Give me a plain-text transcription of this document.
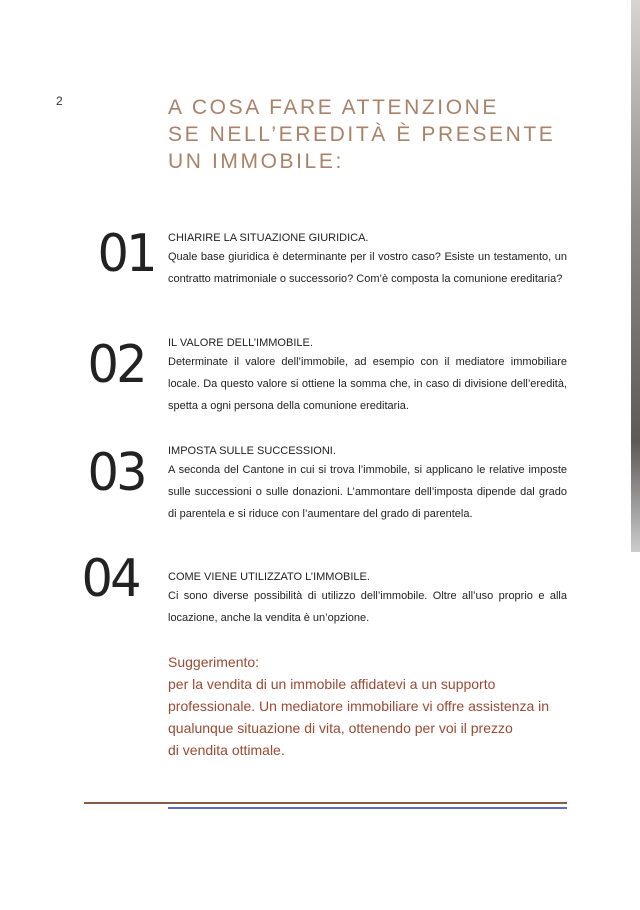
2	A COSA FARE ATTENZIONE
SE NELL’EREDITÀ È PRESENTE
UN IMMOBILE:
01 CHIARIRE LA SITUAZIONE GIURIDICA.
Quale base giuridica è determinante per il vostro caso? Esiste un testamento, un contratto matrimoniale o successorio? Com’è composta la comunione ereditaria?
02 IL VALORE DELL’IMMOBILE.
Determinate il valore dell’immobile, ad esempio con il mediatore immobiliare locale. Da questo valore si ottiene la somma che, in caso di divisione dell’eredità, spetta a ogni persona della comunione ereditaria.
03 IMPOSTA SULLE SUCCESSIONI.
A seconda del Cantone in cui si trova l’immobile, si applicano le relative imposte sulle successioni o sulle donazioni. L’ammontare dell’imposta dipende dal grado di parentela e si riduce con l’aumentare del grado di parentela.
04	COME VIENE UTILIZZATO L’IMMOBILE.
Ci sono diverse possibilità di utilizzo dell’immobile. Oltre all’uso proprio e alla locazione, anche la vendita è un’opzione.
Suggerimento:
per la vendita di un immobile affidatevi a un supporto
professionale. Un mediatore immobiliare vi offre assistenza in
qualunque situazione di vita, ottenendo per voi il prezzo
di vendita ottimale.
